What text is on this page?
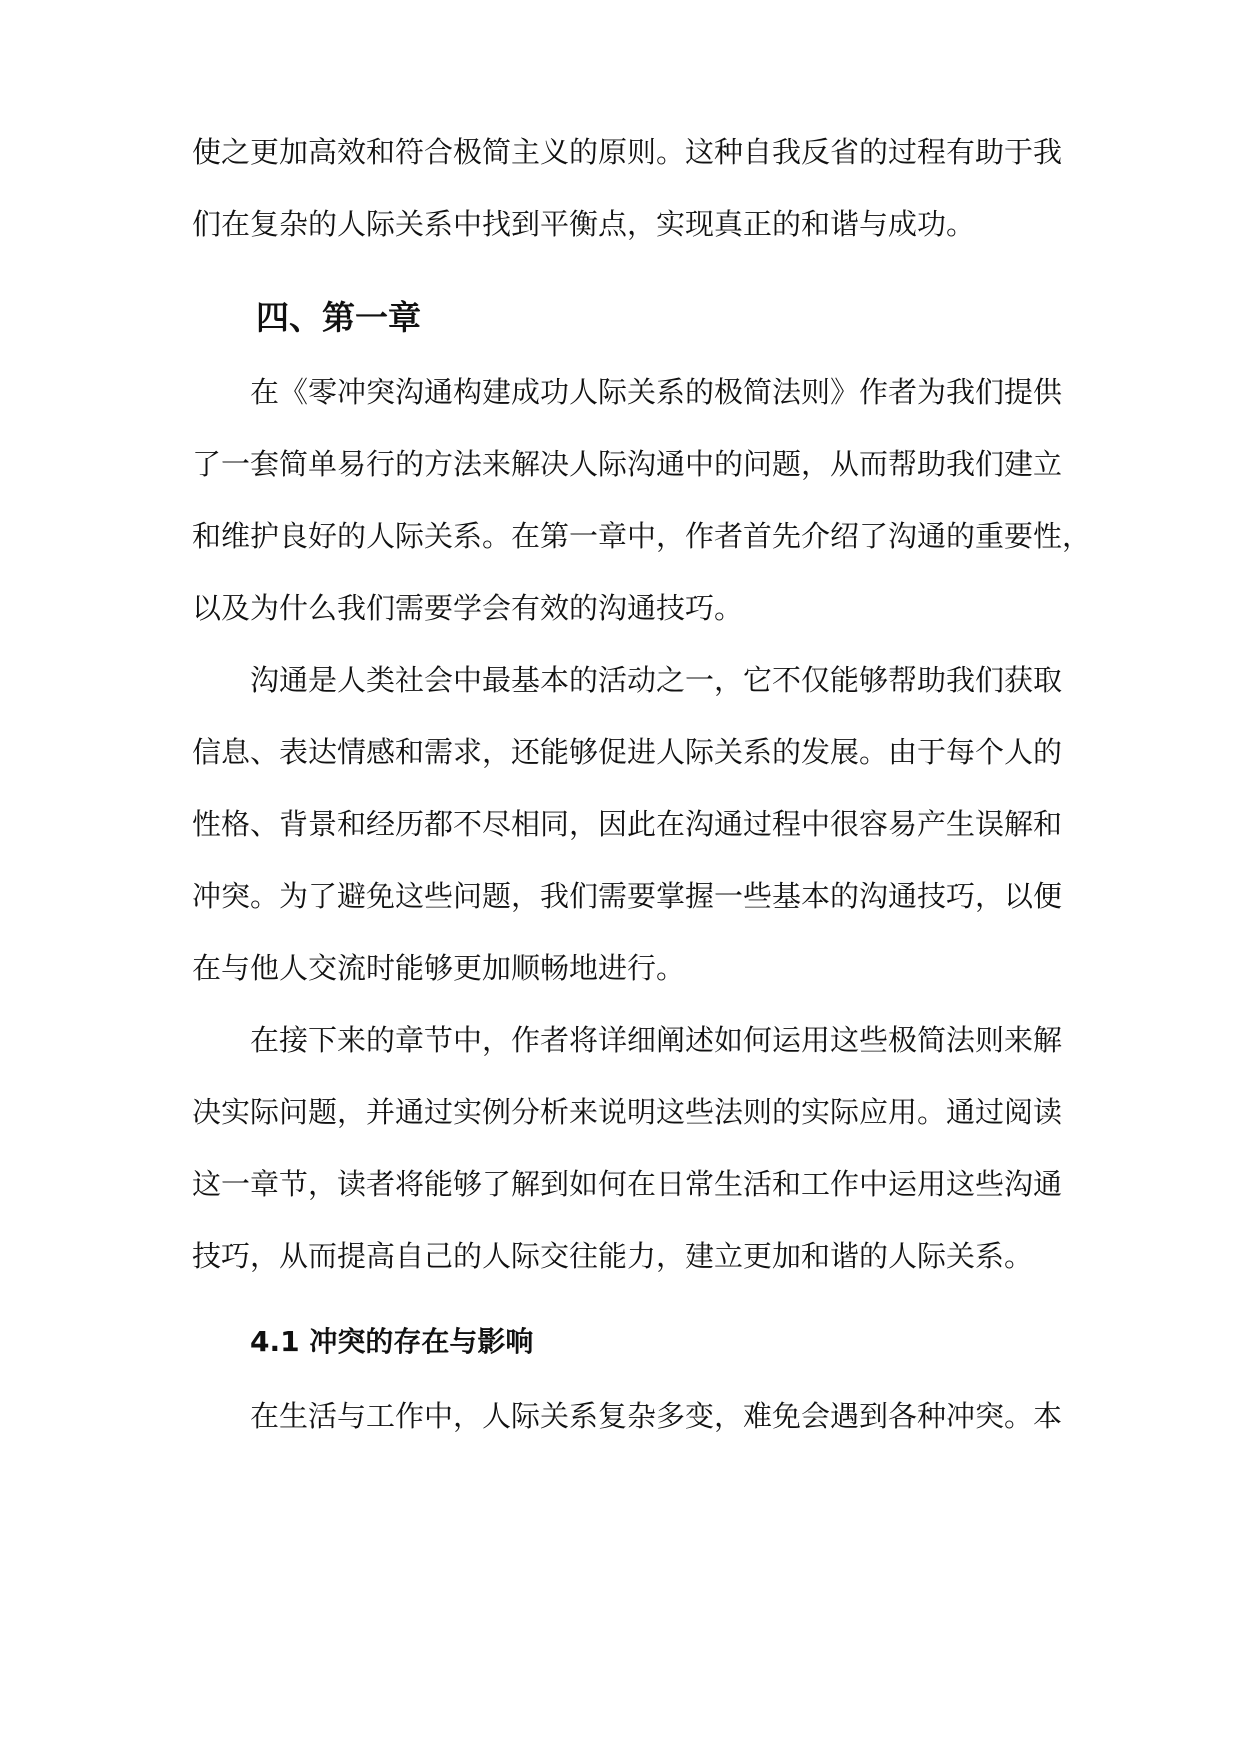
使之更加高效和符合极简主义的原则。这种自我反省的过程有助于我
们在复杂的人际关系中找到平衡点，实现真正的和谐与成功。
四、第一章
在《零冲突沟通构建成功人际关系的极简法则》作者为我们提供
了一套简单易行的方法来解决人际沟通中的问题，从而帮助我们建立
和维护良好的人际关系。在第一章中，作者首先介绍了沟通的重要性，
以及为什么我们需要学会有效的沟通技巧。
沟通是人类社会中最基本的活动之一，它不仅能够帮助我们获取
信息、表达情感和需求，还能够促进人际关系的发展。由于每个人的
性格、背景和经历都不尽相同，因此在沟通过程中很容易产生误解和
冲突。为了避免这些问题，我们需要掌握一些基本的沟通技巧，以便
在与他人交流时能够更加顺畅地进行。
在接下来的章节中，作者将详细阐述如何运用这些极简法则来解
决实际问题，并通过实例分析来说明这些法则的实际应用。通过阅读
这一章节，读者将能够了解到如何在日常生活和工作中运用这些沟通
技巧，从而提高自己的人际交往能力，建立更加和谐的人际关系。
4.1 冲突的存在与影响
在生活与工作中，人际关系复杂多变，难免会遇到各种冲突。本
